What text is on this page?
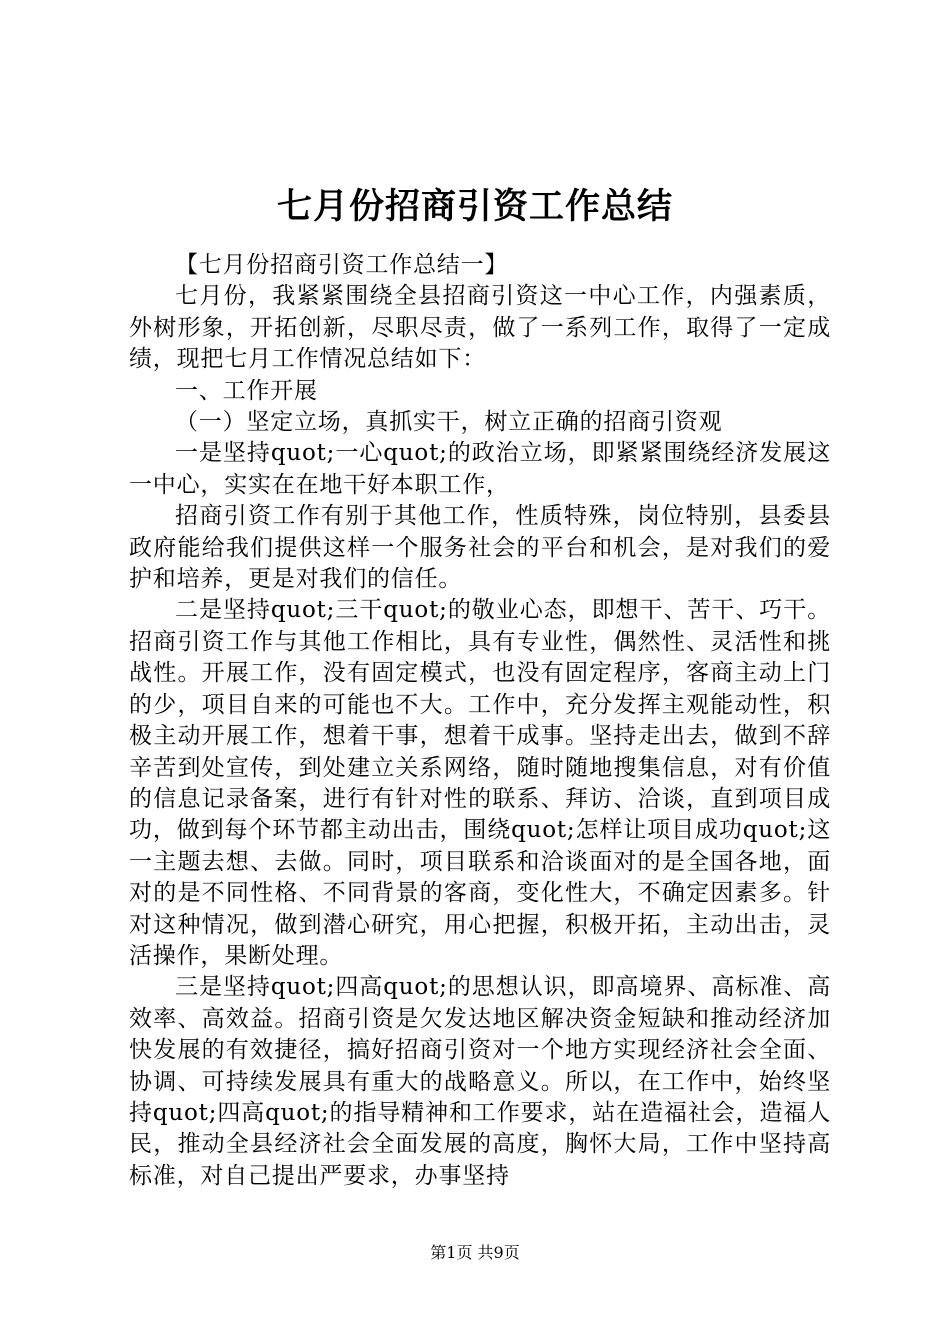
七月份招商引资工作总结

【七月份招商引资工作总结一】

七月份，我紧紧围绕全县招商引资这一中心工作，内强素质，外树形象，开拓创新，尽职尽责，做了一系列工作，取得了一定成绩，现把七月工作情况总结如下：

一、工作开展

（一）坚定立场，真抓实干，树立正确的招商引资观

一是坚持quot;一心quot;的政治立场，即紧紧围绕经济发展这一中心，实实在在地干好本职工作，

招商引资工作有别于其他工作，性质特殊，岗位特别，县委县政府能给我们提供这样一个服务社会的平台和机会，是对我们的爱护和培养，更是对我们的信任。

二是坚持quot;三干quot;的敬业心态，即想干、苦干、巧干。招商引资工作与其他工作相比，具有专业性，偶然性、灵活性和挑战性。开展工作，没有固定模式，也没有固定程序，客商主动上门的少，项目自来的可能也不大。工作中，充分发挥主观能动性，积极主动开展工作，想着干事，想着干成事。坚持走出去，做到不辞辛苦到处宣传，到处建立关系网络，随时随地搜集信息，对有价值的信息记录备案，进行有针对性的联系、拜访、洽谈，直到项目成功，做到每个环节都主动出击，围绕quot;怎样让项目成功quot;这一主题去想、去做。同时，项目联系和洽谈面对的是全国各地，面对的是不同性格、不同背景的客商，变化性大，不确定因素多。针对这种情况，做到潜心研究，用心把握，积极开拓，主动出击，灵活操作，果断处理。

三是坚持quot;四高quot;的思想认识，即高境界、高标准、高效率、高效益。招商引资是欠发达地区解决资金短缺和推动经济加快发展的有效捷径，搞好招商引资对一个地方实现经济社会全面、协调、可持续发展具有重大的战略意义。所以，在工作中，始终坚持quot;四高quot;的指导精神和工作要求，站在造福社会，造福人民，推动全县经济社会全面发展的高度，胸怀大局，工作中坚持高标准，对自己提出严要求，办事坚持

第1页 共9页
